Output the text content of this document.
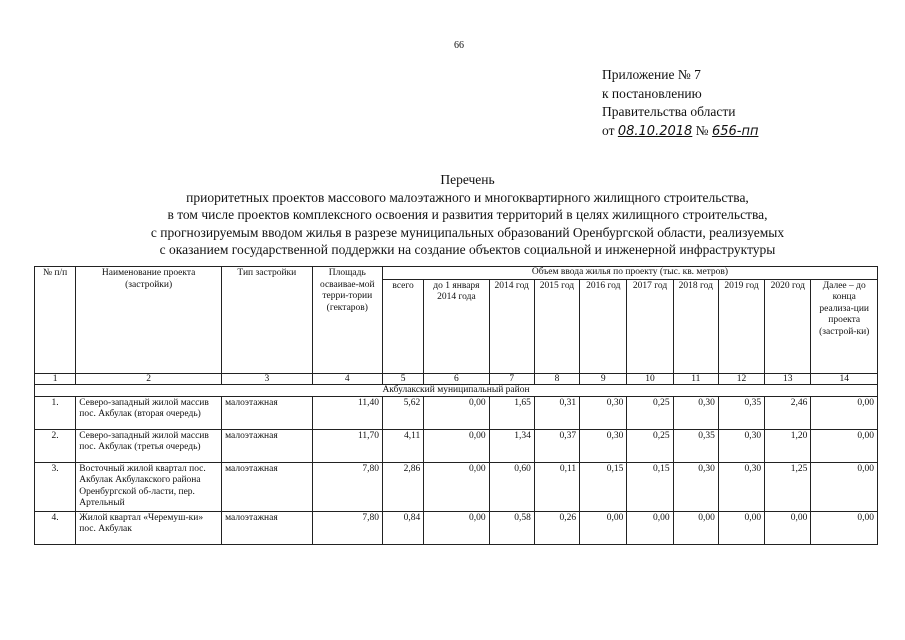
66
Приложение № 7
к постановлению
Правительства области
от 08.10.2018 № 656-пп
Перечень
приоритетных проектов массового малоэтажного и многоквартирного жилищного строительства,
в том числе проектов комплексного освоения и развития территорий в целях жилищного строительства,
с прогнозируемым вводом жилья в разрезе муниципальных образований Оренбургской области, реализуемых
с оказанием государственной поддержки на создание объектов социальной и инженерной инфраструктуры
№ п/п	Наименование проекта (застройки)	Тип застройки	Площадь осваивае-мой терри-тории (гектаров)	Объем ввода жилья по проекту (тыс. кв. метров)									
				всего	до 1 января 2014 года	2014 год	2015 год	2016 год	2017 год	2018 год	2019 год	2020 год	Далее – до конца реализа-ции проекта (застрой-ки)
1	2	3	4	5	6	7	8	9	10	11	12	13	14
Акбулакский муниципальный район													
1.	Северо-западный жилой массив пос. Акбулак (вторая очередь)	малоэтажная	11,40	5,62	0,00	1,65	0,31	0,30	0,25	0,30	0,35	2,46	0,00
2.	Северо-западный жилой массив пос. Акбулак (третья очередь)	малоэтажная	11,70	4,11	0,00	1,34	0,37	0,30	0,25	0,35	0,30	1,20	0,00
3.	Восточный жилой квартал пос. Акбулак Акбулакского района Оренбургской об-ласти, пер. Артельный	малоэтажная	7,80	2,86	0,00	0,60	0,11	0,15	0,15	0,30	0,30	1,25	0,00
4.	Жилой квартал «Черемуш-ки» пос. Акбулак	малоэтажная	7,80	0,84	0,00	0,58	0,26	0,00	0,00	0,00	0,00	0,00	0,00
